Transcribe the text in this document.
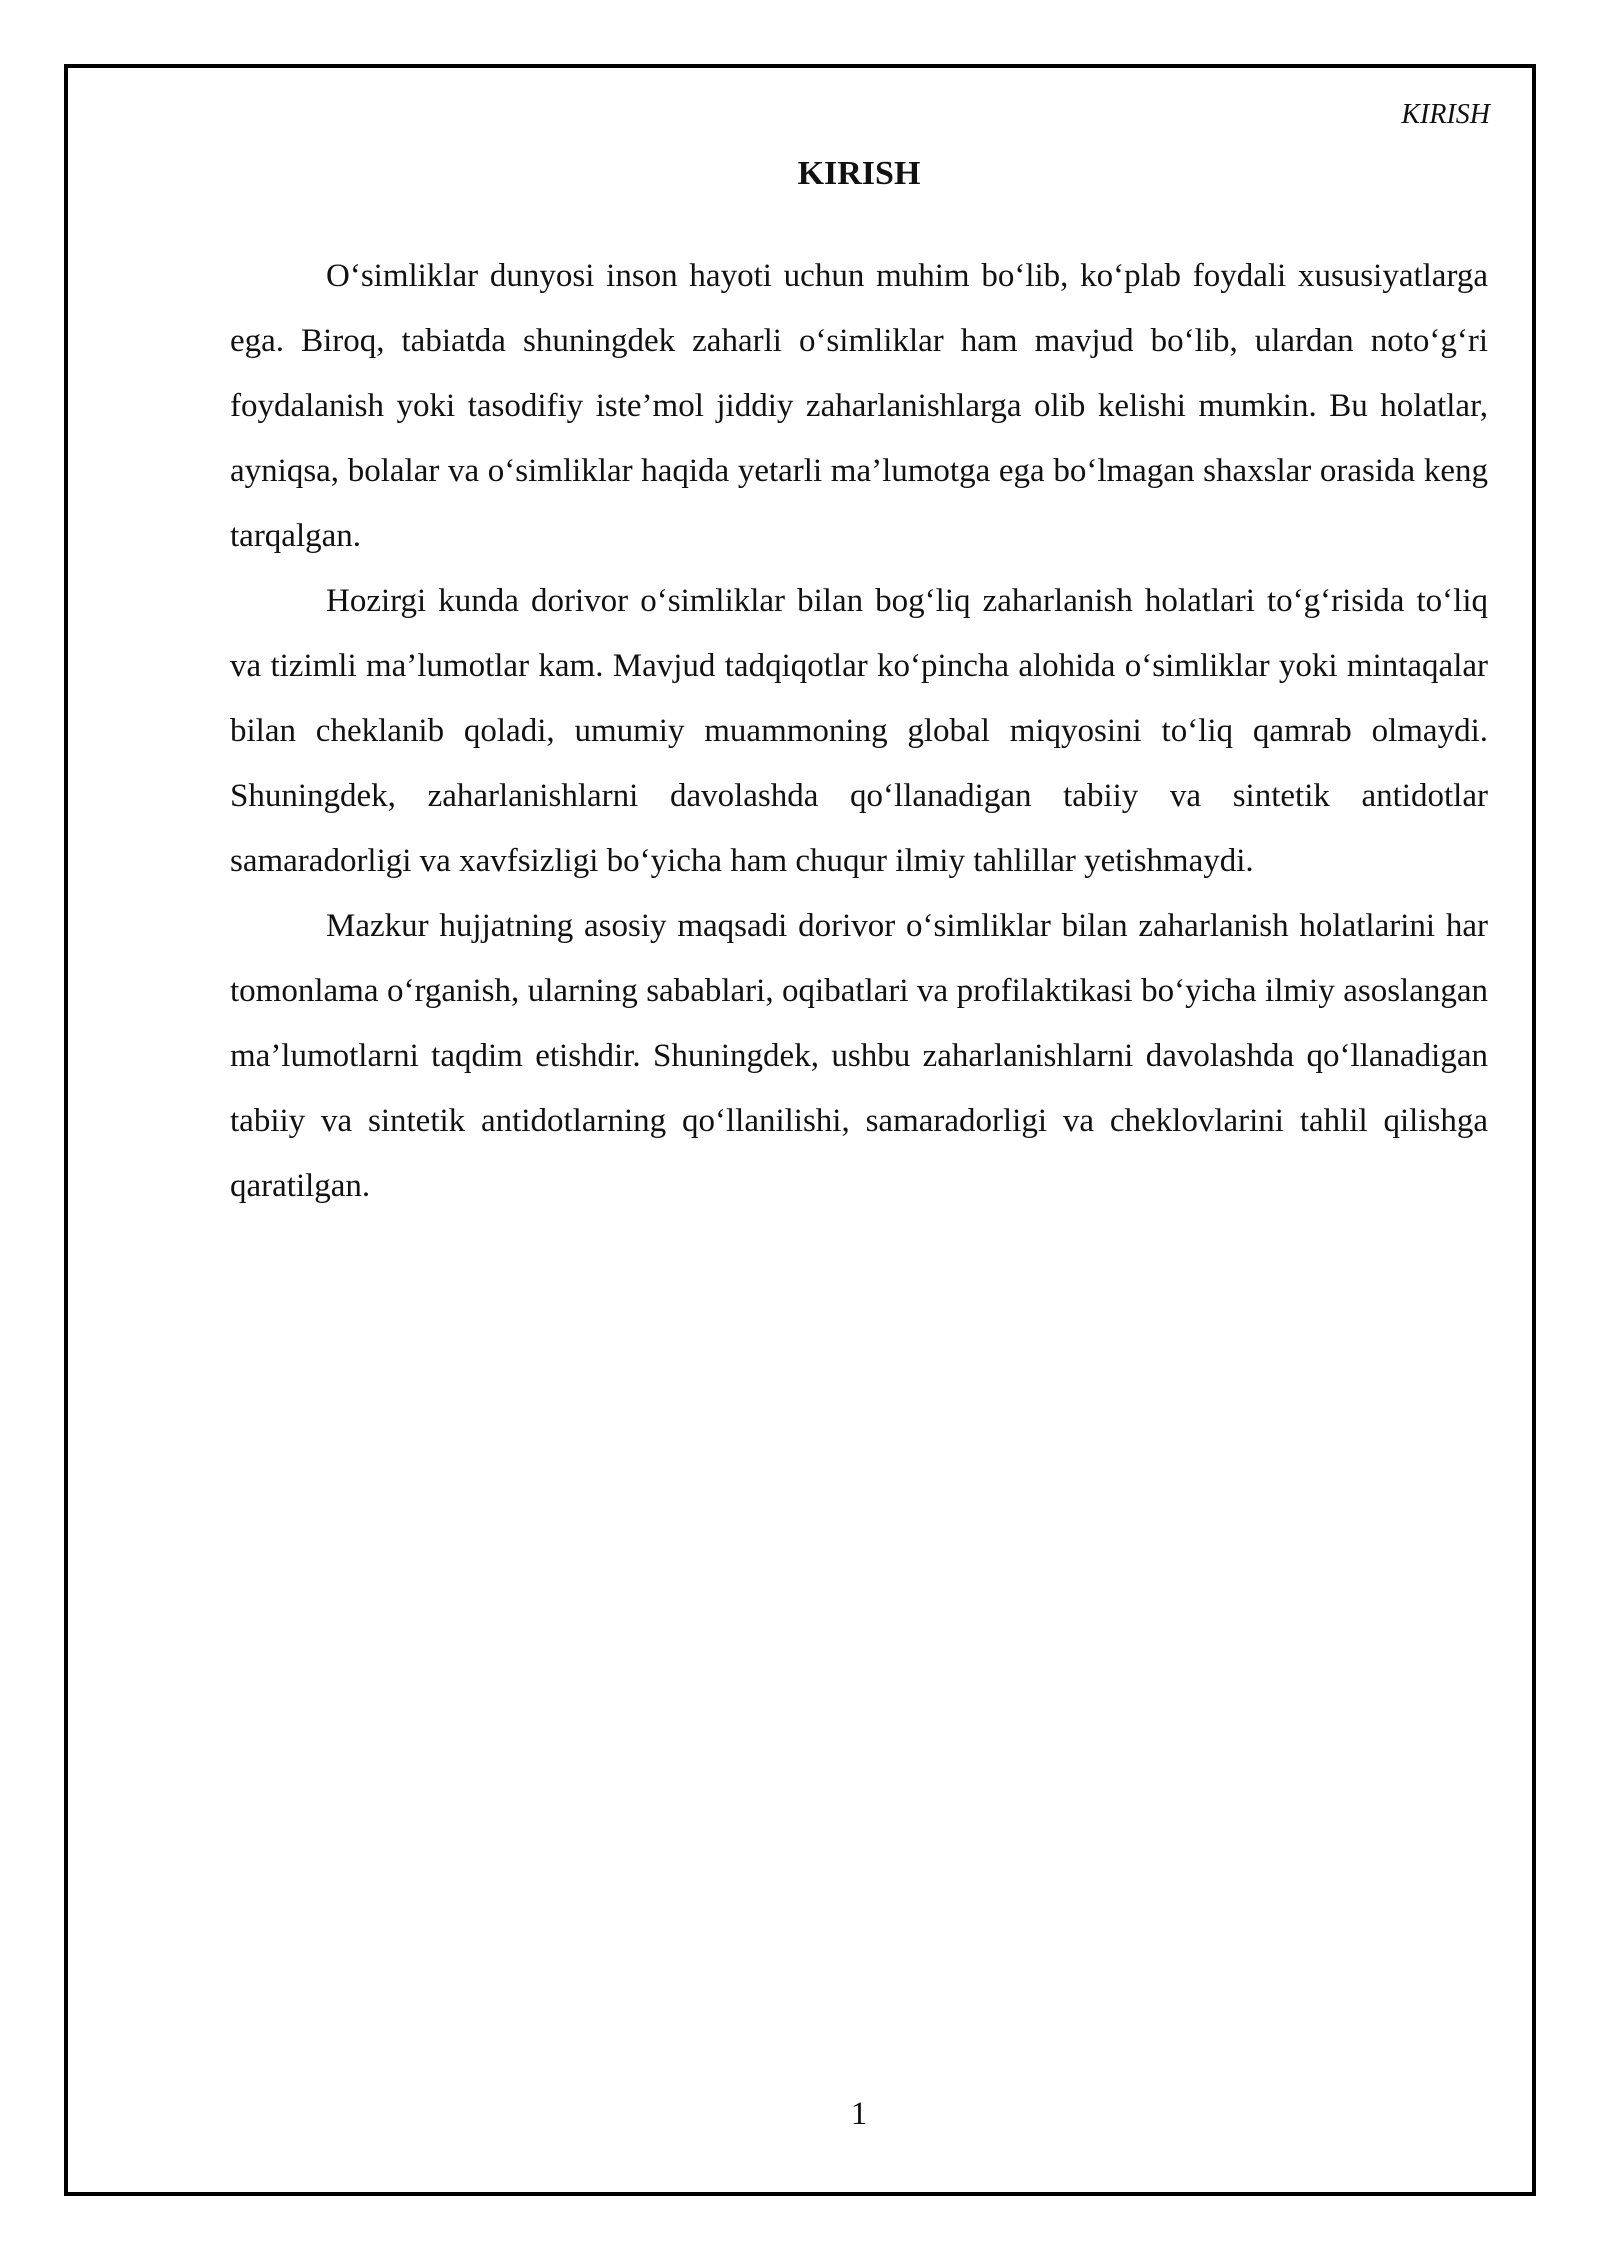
KIRISH
KIRISH

O‘simliklar dunyosi inson hayoti uchun muhim bo‘lib, ko‘plab foydali xususiyatlarga ega. Biroq, tabiatda shuningdek zaharli o‘simliklar ham mavjud bo‘lib, ulardan noto‘g‘ri foydalanish yoki tasodifiy iste’mol jiddiy zaharlanishlarga olib kelishi mumkin. Bu holatlar, ayniqsa, bolalar va o‘simliklar haqida yetarli ma’lumotga ega bo‘lmagan shaxslar orasida keng tarqalgan.

Hozirgi kunda dorivor o‘simliklar bilan bog‘liq zaharlanish holatlari to‘g‘risida to‘liq va tizimli ma’lumotlar kam. Mavjud tadqiqotlar ko‘pincha alohida o‘simliklar yoki mintaqalar bilan cheklanib qoladi, umumiy muammoning global miqyosini to‘liq qamrab olmaydi. Shuningdek, zaharlanishlarni davolashda qo‘llanadigan tabiiy va sintetik antidotlar samaradorligi va xavfsizligi bo‘yicha ham chuqur ilmiy tahlillar yetishmaydi.

Mazkur hujjatning asosiy maqsadi dorivor o‘simliklar bilan zaharlanish holatlarini har tomonlama o‘rganish, ularning sabablari, oqibatlari va profilaktikasi bo‘yicha ilmiy asoslangan ma’lumotlarni taqdim etishdir. Shuningdek, ushbu zaharlanishlarni davolashda qo‘llanadigan tabiiy va sintetik antidotlarning qo‘llanilishi, samaradorligi va cheklovlarini tahlil qilishga qaratilgan.

1
